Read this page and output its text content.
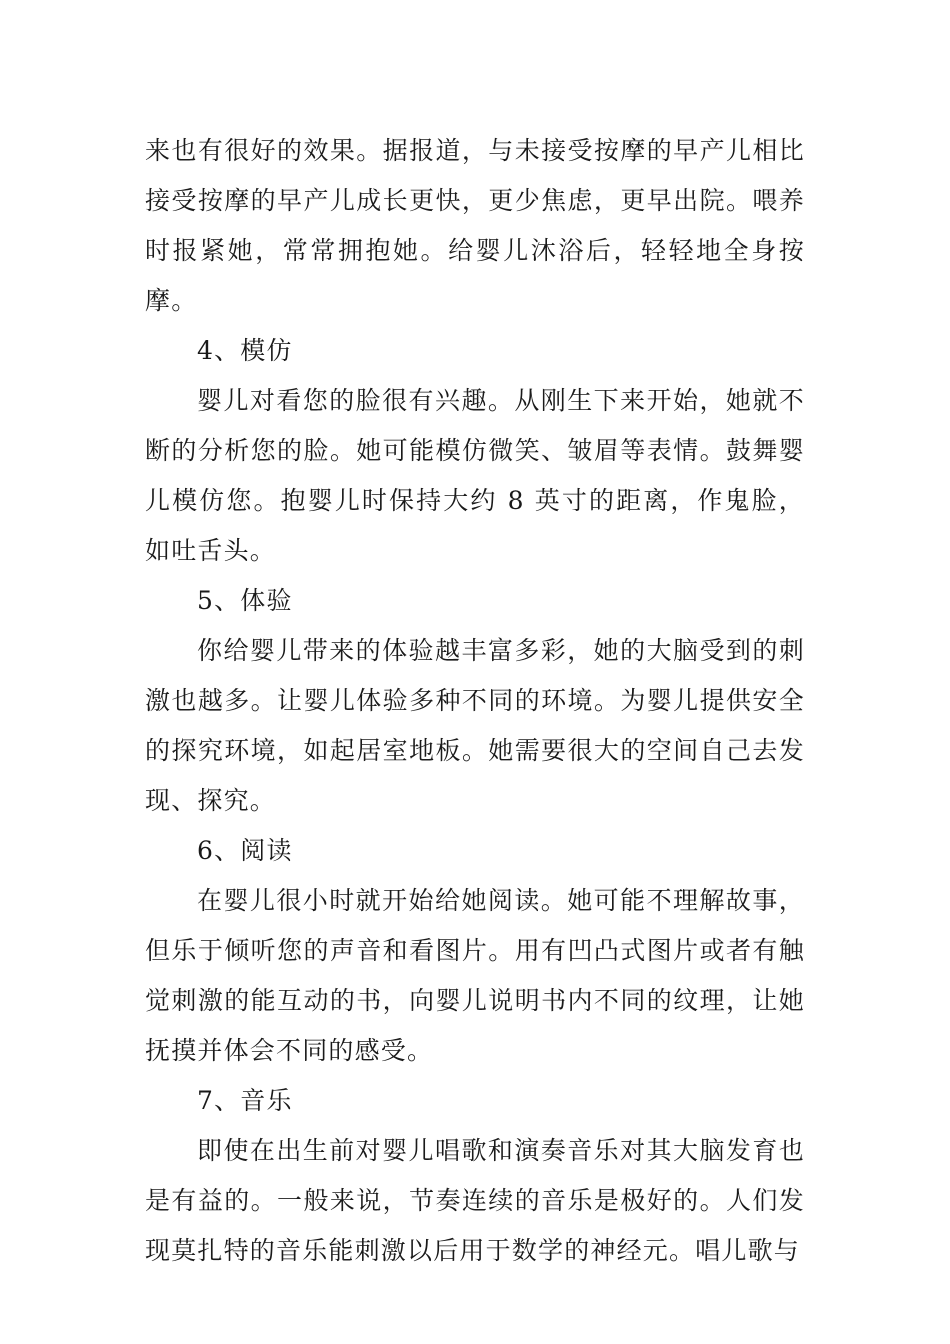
来也有很好的效果。据报道，与未接受按摩的早产儿相比接受按摩的早产儿成长更快，更少焦虑，更早出院。喂养时报紧她，常常拥抱她。给婴儿沐浴后，轻轻地全身按摩。

4、模仿

婴儿对看您的脸很有兴趣。从刚生下来开始，她就不断的分析您的脸。她可能模仿微笑、皱眉等表情。鼓舞婴儿模仿您。抱婴儿时保持大约 8 英寸的距离，作鬼脸，如吐舌头。

5、体验

你给婴儿带来的体验越丰富多彩，她的大脑受到的刺激也越多。让婴儿体验多种不同的环境。为婴儿提供安全的探究环境，如起居室地板。她需要很大的空间自己去发现、探究。

6、阅读

在婴儿很小时就开始给她阅读。她可能不理解故事，但乐于倾听您的声音和看图片。用有凹凸式图片或者有触觉刺激的能互动的书，向婴儿说明书内不同的纹理，让她抚摸并体会不同的感受。

7、音乐

即使在出生前对婴儿唱歌和演奏音乐对其大脑发育也是有益的。一般来说，节奏连续的音乐是极好的。人们发现莫扎特的音乐能刺激以后用于数学的神经元。唱儿歌与
